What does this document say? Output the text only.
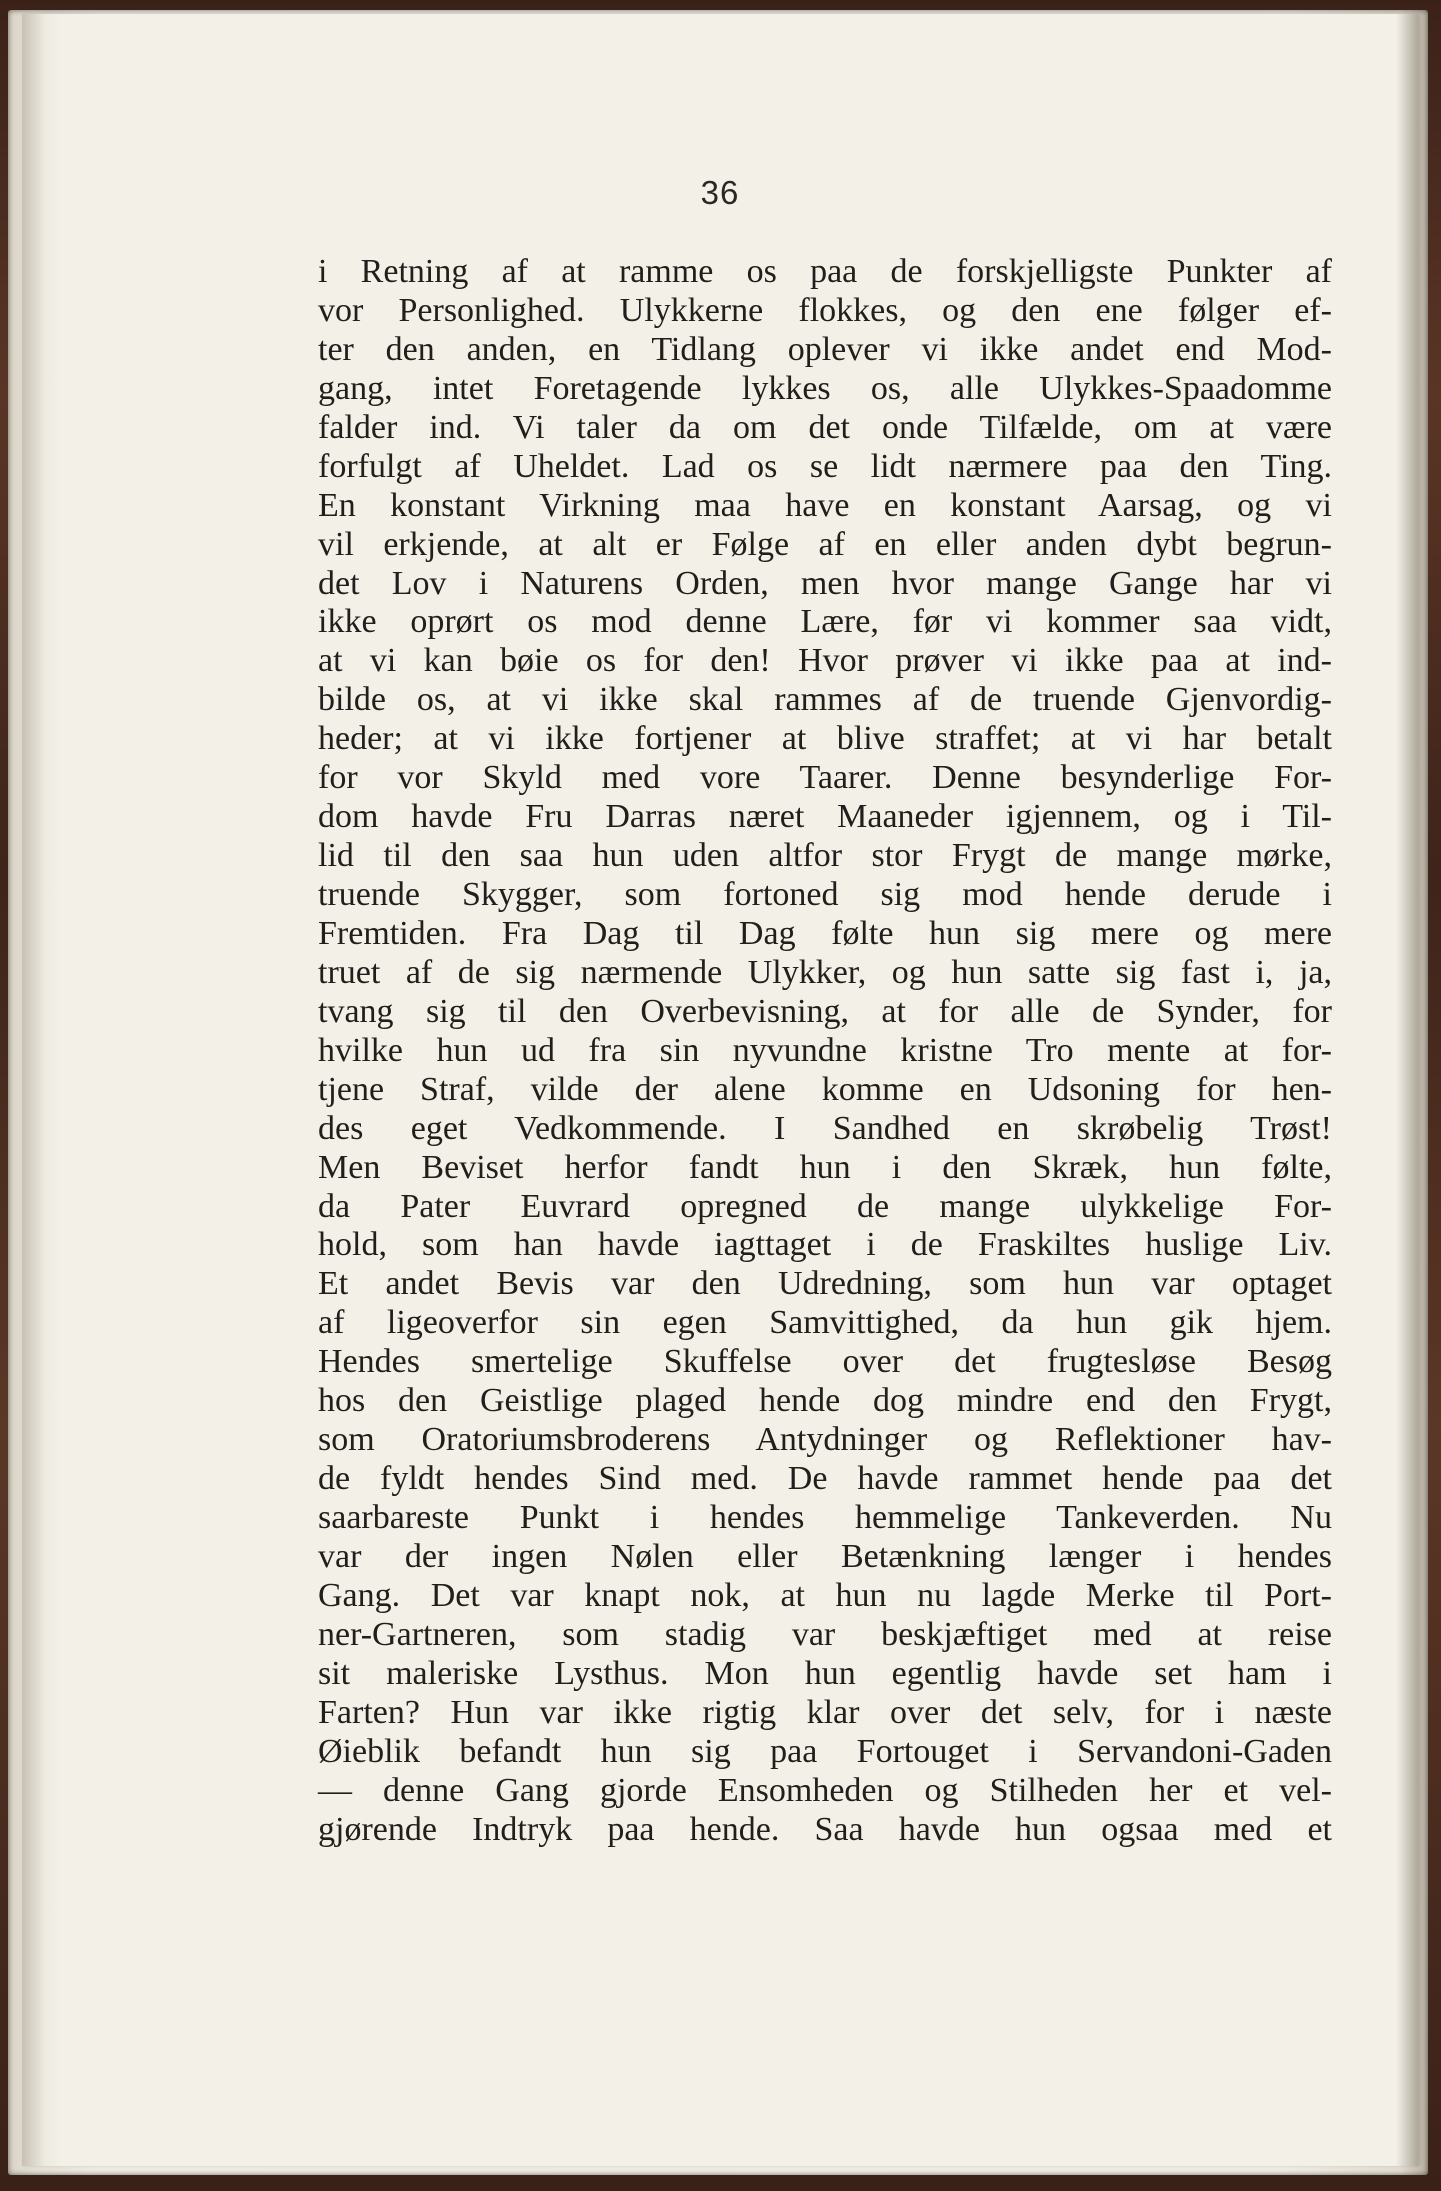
36
i Retning af at ramme os paa de forskjelligste Punkter af
vor Personlighed. Ulykkerne flokkes, og den ene følger ef-
ter den anden, en Tidlang oplever vi ikke andet end Mod-
gang, intet Foretagende lykkes os, alle Ulykkes-Spaadomme
falder ind. Vi taler da om det onde Tilfælde, om at være
forfulgt af Uheldet. Lad os se lidt nærmere paa den Ting.
En konstant Virkning maa have en konstant Aarsag, og vi
vil erkjende, at alt er Følge af en eller anden dybt begrun-
det Lov i Naturens Orden, men hvor mange Gange har vi
ikke oprørt os mod denne Lære, før vi kommer saa vidt,
at vi kan bøie os for den! Hvor prøver vi ikke paa at ind-
bilde os, at vi ikke skal rammes af de truende Gjenvordig-
heder; at vi ikke fortjener at blive straffet; at vi har betalt
for vor Skyld med vore Taarer. Denne besynderlige For-
dom havde Fru Darras næret Maaneder igjennem, og i Til-
lid til den saa hun uden altfor stor Frygt de mange mørke,
truende Skygger, som fortoned sig mod hende derude i
Fremtiden. Fra Dag til Dag følte hun sig mere og mere
truet af de sig nærmende Ulykker, og hun satte sig fast i, ja,
tvang sig til den Overbevisning, at for alle de Synder, for
hvilke hun ud fra sin nyvundne kristne Tro mente at for-
tjene Straf, vilde der alene komme en Udsoning for hen-
des eget Vedkommende. I Sandhed en skrøbelig Trøst!
Men Beviset herfor fandt hun i den Skræk, hun følte,
da Pater Euvrard opregned de mange ulykkelige For-
hold, som han havde iagttaget i de Fraskiltes huslige Liv.
Et andet Bevis var den Udredning, som hun var optaget
af ligeoverfor sin egen Samvittighed, da hun gik hjem.
Hendes smertelige Skuffelse over det frugtesløse Besøg
hos den Geistlige plaged hende dog mindre end den Frygt,
som Oratoriumsbroderens Antydninger og Reflektioner hav-
de fyldt hendes Sind med. De havde rammet hende paa det
saarbareste Punkt i hendes hemmelige Tankeverden. Nu
var der ingen Nølen eller Betænkning længer i hendes
Gang. Det var knapt nok, at hun nu lagde Merke til Port-
ner-Gartneren, som stadig var beskjæftiget med at reise
sit maleriske Lysthus. Mon hun egentlig havde set ham i
Farten? Hun var ikke rigtig klar over det selv, for i næste
Øieblik befandt hun sig paa Fortouget i Servandoni-Gaden
— denne Gang gjorde Ensomheden og Stilheden her et vel-
gjørende Indtryk paa hende. Saa havde hun ogsaa med et
